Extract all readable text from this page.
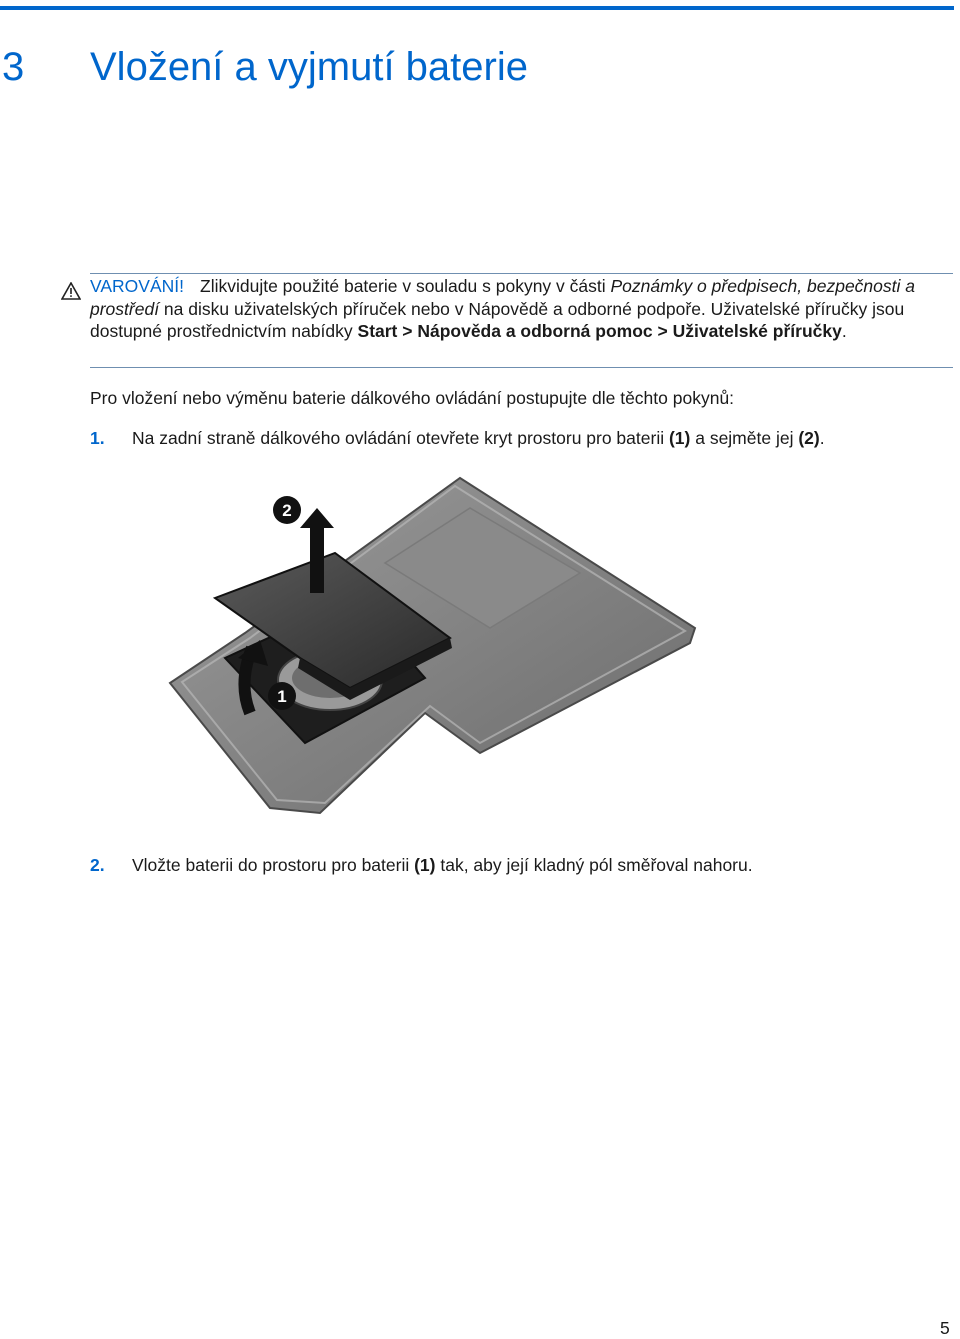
3 Vložení a vyjmutí baterie
VAROVÁNÍ! Zlikvidujte použité baterie v souladu s pokyny v části Poznámky o předpisech, bezpečnosti a prostředí na disku uživatelských příruček nebo v Nápovědě a odborné podpoře. Uživatelské příručky jsou dostupné prostřednictvím nabídky Start > Nápověda a odborná pomoc > Uživatelské příručky.

Pro vložení nebo výměnu baterie dálkového ovládání postupujte dle těchto pokynů:

1. Na zadní straně dálkového ovládání otevřete kryt prostoru pro baterii (1) a sejměte jej (2).
2
1
2. Vložte baterii do prostoru pro baterii (1) tak, aby její kladný pól směřoval nahoru.
5
